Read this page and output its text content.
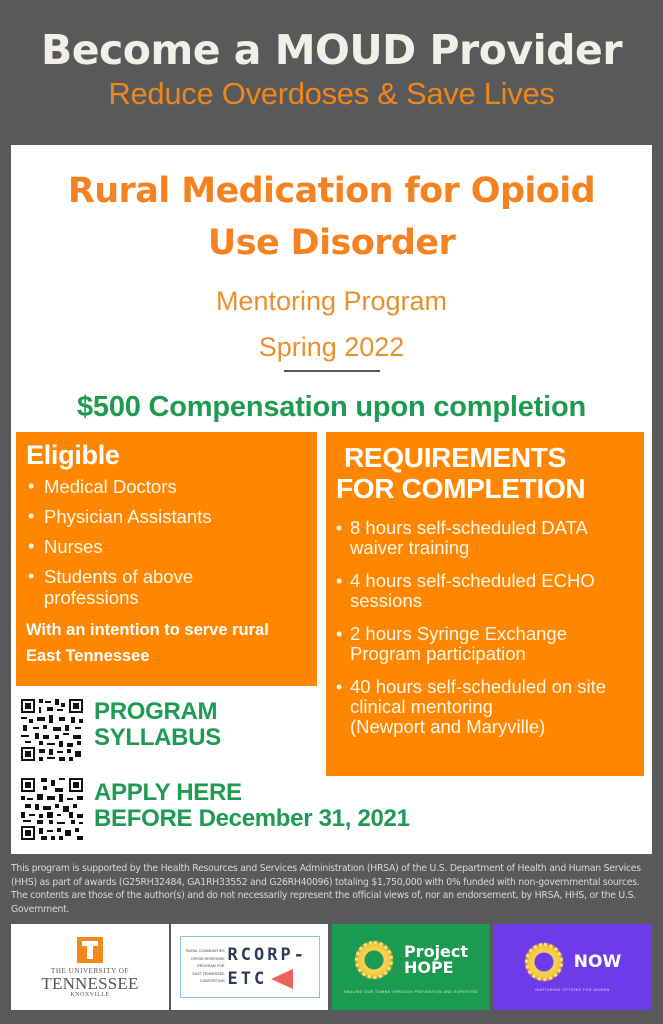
Become a MOUD Provider
Reduce Overdoses & Save Lives
Rural Medication for Opioid
Use Disorder
Mentoring Program
Spring 2022
$500 Compensation upon completion
Eligible
• Medical Doctors
• Physician Assistants
• Nurses
• Students of above professions
With an intention to serve rural
East Tennessee
REQUIREMENTS
FOR COMPLETION
• 8 hours self-scheduled DATA
waiver training
• 4 hours self-scheduled ECHO
sessions
• 2 hours Syringe Exchange
Program participation
• 40 hours self-scheduled on site
clinical mentoring
(Newport and Maryville)
PROGRAM
SYLLABUS
APPLY HERE
BEFORE December 31, 2021
This program is supported by the Health Resources and Services Administration (HRSA) of the U.S. Department of Health and Human Services (HHS) as part of awards (G25RH32484, GA1RH33552 and G26RH40096) totaling $1,750,000 with 0% funded with non-governmental sources. The contents are those of the author(s) and do not necessarily represent the official views of, nor an endorsement, by HRSA, HHS, or the U.S. Government.
THE UNIVERSITY OF
TENNESSEE
KNOXVILLE
RURAL COMMUNITIES
OPIOID RESPONSE
PROGRAM FOR
EAST TENNESSEE
CONSORTIUM
RCORP-
ETC
Project
HOPE
HEALING OUR TOWNS THROUGH PREVENTION AND EXPERTISE
NOW
NURTURING OPTIONS FOR WOMEN
